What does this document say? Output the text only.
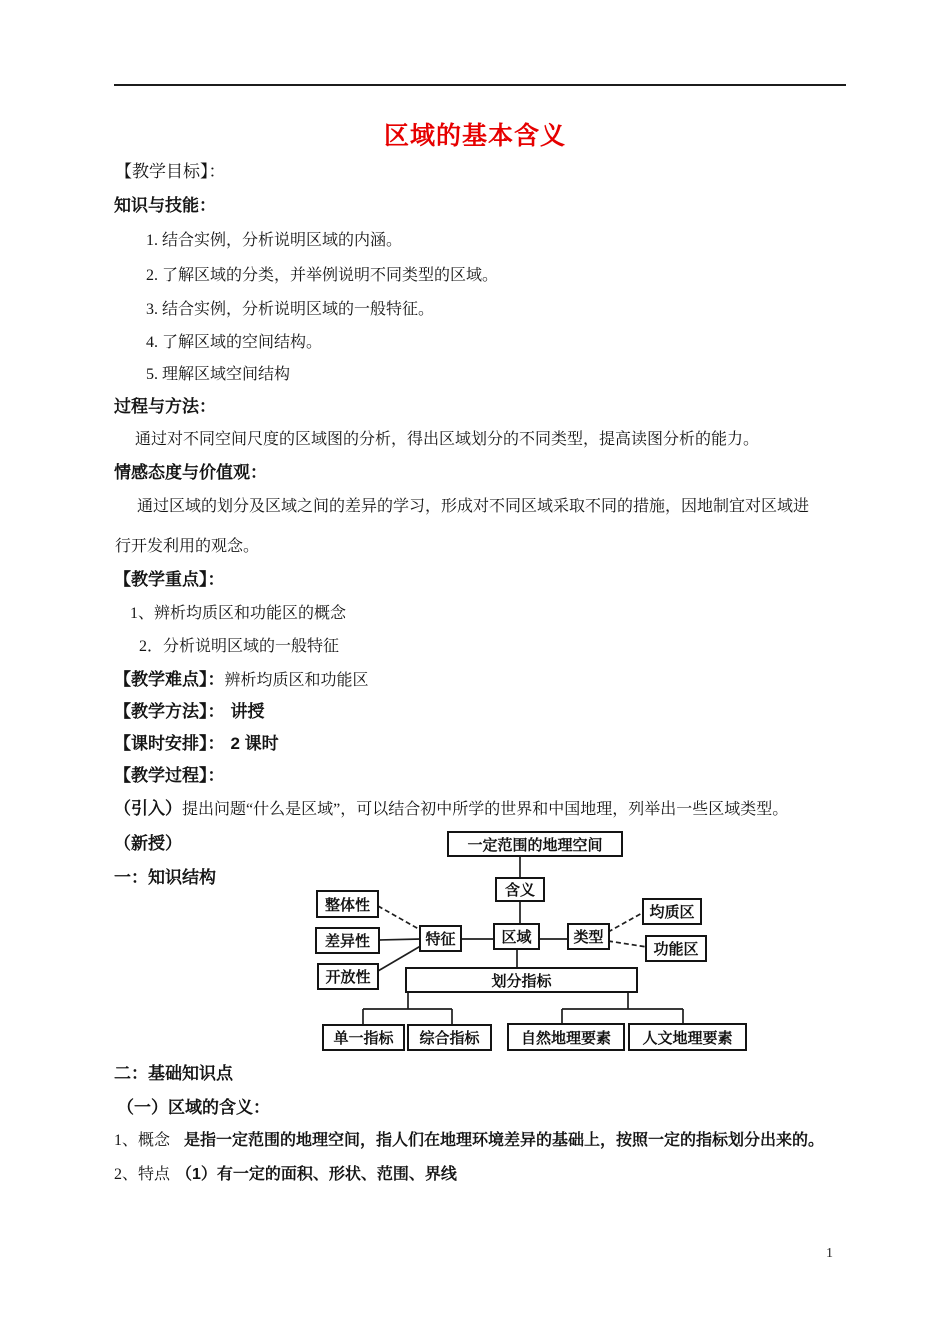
区域的基本含义
【教学目标】：
知识与技能：
1. 结合实例，分析说明区域的内涵。
2. 了解区域的分类，并举例说明不同类型的区域。
3. 结合实例，分析说明区域的一般特征。
4. 了解区域的空间结构。
5. 理解区域空间结构
过程与方法：
通过对不同空间尺度的区域图的分析，得出区域划分的不同类型，提高读图分析的能力。
情感态度与价值观：
通过区域的划分及区域之间的差异的学习，形成对不同区域采取不同的措施，因地制宜对区域进
行开发利用的观念。
【教学重点】：
1、辨析均质区和功能区的概念
2．分析说明区域的一般特征
【教学难点】：辨析均质区和功能区
【教学方法】： 讲授
【课时安排】： 2 课时
【教学过程】：
（引入）提出问题“什么是区域”，可以结合初中所学的世界和中国地理，列举出一些区域类型。
（新授）
一：知识结构
一定范围的地理空间
含义
整体性
差异性
开放性
特征	区域	类型
均质区
功能区
划分指标
单一指标	综合指标	自然地理要素	人文地理要素
二：基础知识点
（一）区域的含义：
1、概念 是指一定范围的地理空间，指人们在地理环境差异的基础上，按照一定的指标划分出来的。
2、特点 （1）有一定的面积、形状、范围、界线
1
